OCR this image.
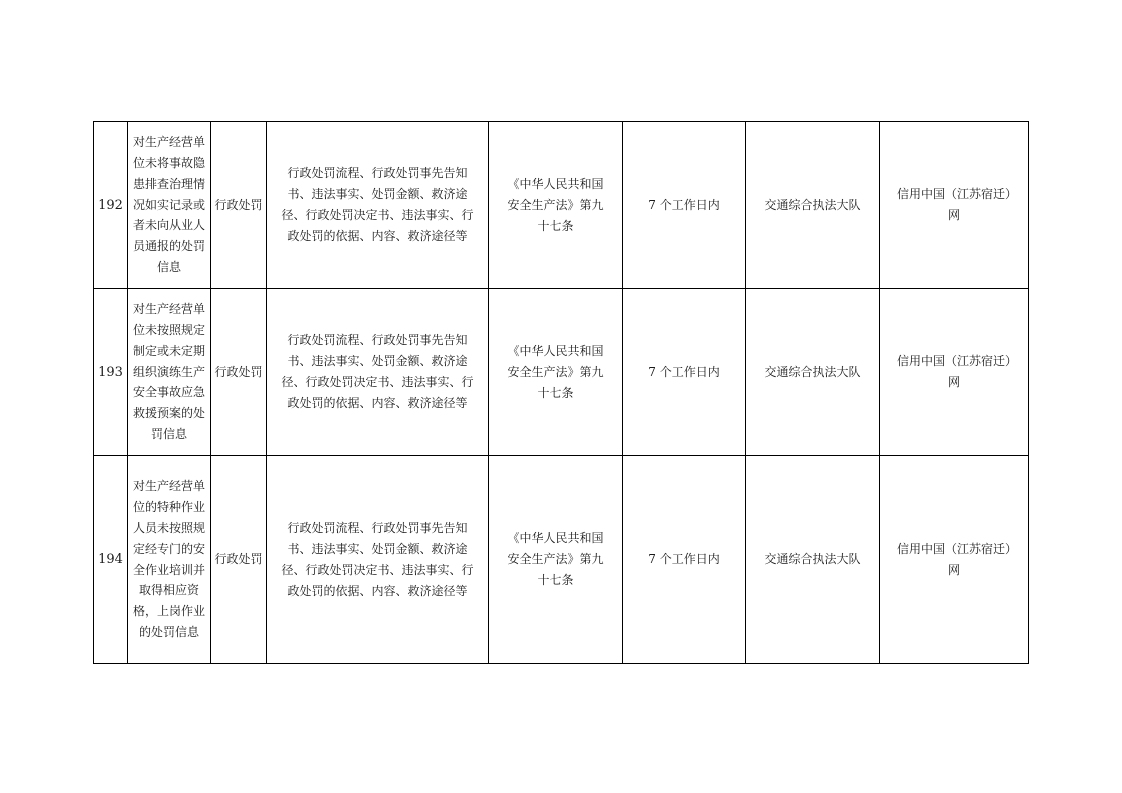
192	对生产经营单位未将事故隐患排查治理情况如实记录或者未向从业人员通报的处罚信息	行政处罚	行政处罚流程、行政处罚事先告知书、违法事实、处罚金额、救济途径、行政处罚决定书、违法事实、行政处罚的依据、内容、救济途径等	《中华人民共和国安全生产法》第九十七条	7 个工作日内	交通综合执法大队	信用中国（江苏宿迁）网
193	对生产经营单位未按照规定制定或未定期组织演练生产安全事故应急救援预案的处罚信息	行政处罚	行政处罚流程、行政处罚事先告知书、违法事实、处罚金额、救济途径、行政处罚决定书、违法事实、行政处罚的依据、内容、救济途径等	《中华人民共和国安全生产法》第九十七条	7 个工作日内	交通综合执法大队	信用中国（江苏宿迁）网
194	对生产经营单位的特种作业人员未按照规定经专门的安全作业培训并取得相应资格，上岗作业的处罚信息	行政处罚	行政处罚流程、行政处罚事先告知书、违法事实、处罚金额、救济途径、行政处罚决定书、违法事实、行政处罚的依据、内容、救济途径等	《中华人民共和国安全生产法》第九十七条	7 个工作日内	交通综合执法大队	信用中国（江苏宿迁）网
